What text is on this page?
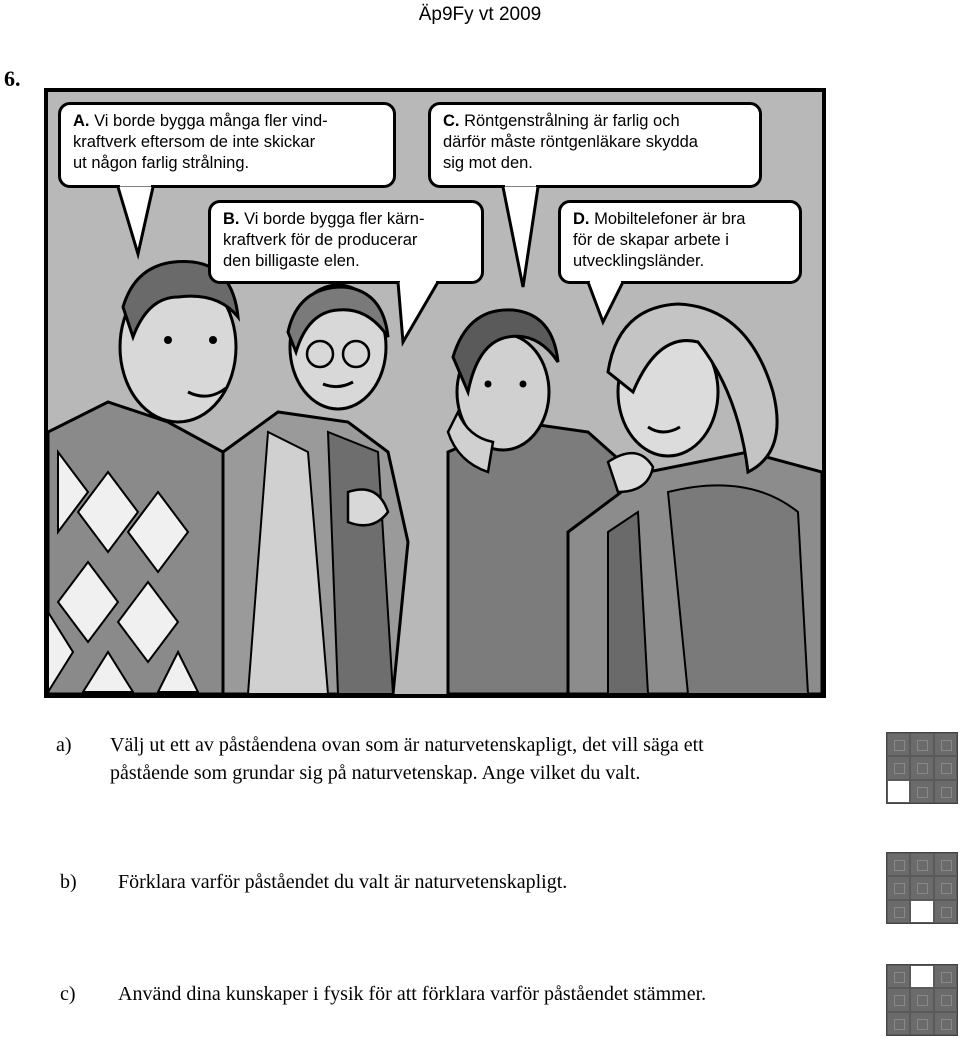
Äp9Fy vt 2009
6.
A. Vi borde bygga många fler vind-
kraftverk eftersom de inte skickar
ut någon farlig strålning.
B. Vi borde bygga fler kärn-
kraftverk för de producerar
den billigaste elen.
C. Röntgenstrålning är farlig och
därför måste röntgenläkare skydda
sig mot den.
D. Mobiltelefoner är bra
för de skapar arbete i
utvecklingsländer.
a) Välj ut ett av påståendena ovan som är naturvetenskapligt, det vill säga ett
påstående som grundar sig på naturvetenskap. Ange vilket du valt.
b) Förklara varför påståendet du valt är naturvetenskapligt.
c) Använd dina kunskaper i fysik för att förklara varför påståendet stämmer.
